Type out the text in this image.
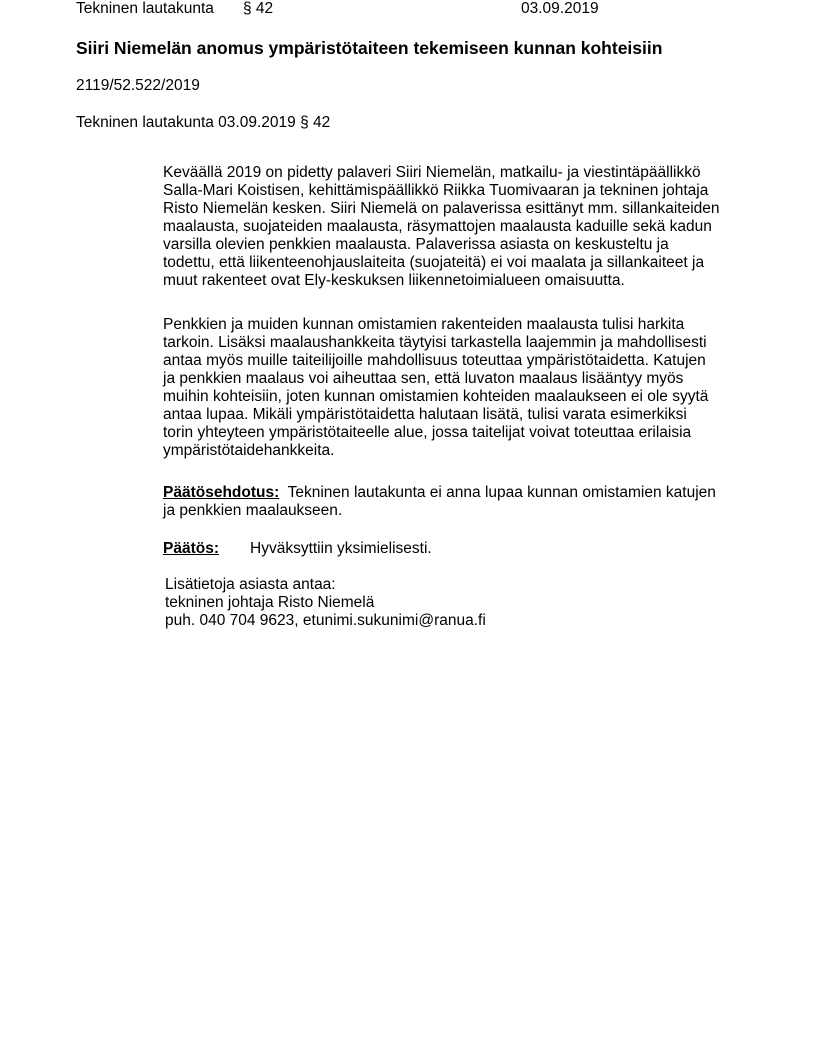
Tekninen lautakunta § 42	03.09.2019
Siiri Niemelän anomus ympäristötaiteen tekemiseen kunnan kohteisiin
2119/52.522/2019
Tekninen lautakunta 03.09.2019 § 42
Keväällä 2019 on pidetty palaveri Siiri Niemelän, matkailu- ja viestintäpäällikkö
Salla-Mari Koistisen, kehittämispäällikkö Riikka Tuomivaaran ja tekninen johtaja
Risto Niemelän kesken. Siiri Niemelä on palaverissa esittänyt mm. sillankaiteiden
maalausta, suojateiden maalausta, räsymattojen maalausta kaduille sekä kadun
varsilla olevien penkkien maalausta. Palaverissa asiasta on keskusteltu ja
todettu, että liikenteenohjauslaiteita (suojateitä) ei voi maalata ja sillankaiteet ja
muut rakenteet ovat Ely-keskuksen liikennetoimialueen omaisuutta.
Penkkien ja muiden kunnan omistamien rakenteiden maalausta tulisi harkita
tarkoin. Lisäksi maalaushankkeita täytyisi tarkastella laajemmin ja mahdollisesti
antaa myös muille taiteilijoille mahdollisuus toteuttaa ympäristötaidetta. Katujen
ja penkkien maalaus voi aiheuttaa sen, että luvaton maalaus lisääntyy myös
muihin kohteisiin, joten kunnan omistamien kohteiden maalaukseen ei ole syytä
antaa lupaa. Mikäli ympäristötaidetta halutaan lisätä, tulisi varata esimerkiksi
torin yhteyteen ympäristötaiteelle alue, jossa taitelijat voivat toteuttaa erilaisia
ympäristötaidehankkeita.
Päätösehdotus: Tekninen lautakunta ei anna lupaa kunnan omistamien katujen
ja penkkien maalaukseen.
Päätös: Hyväksyttiin yksimielisesti.
Lisätietoja asiasta antaa:
tekninen johtaja Risto Niemelä
puh. 040 704 9623, etunimi.sukunimi@ranua.fi
